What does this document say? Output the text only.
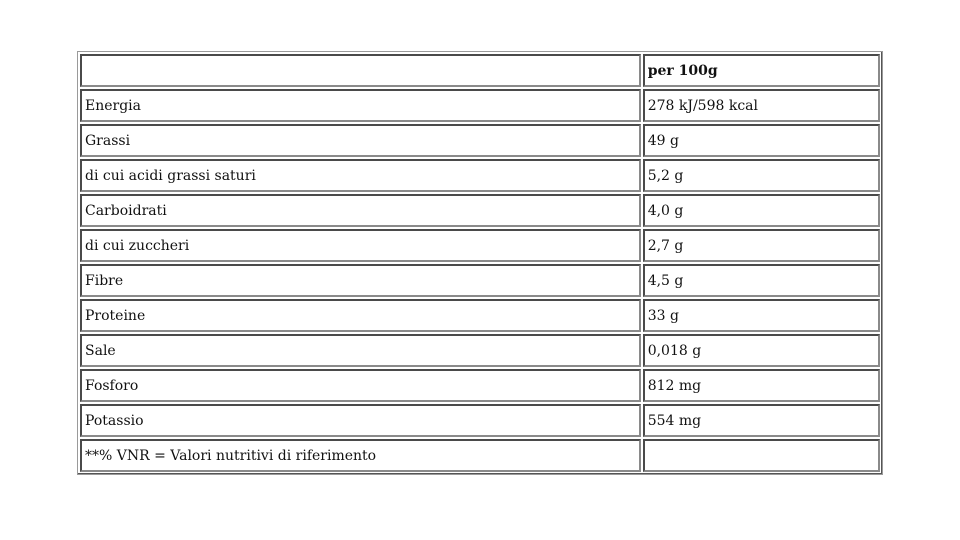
	per 100g
Energia	278 kJ/598 kcal
Grassi	49 g
di cui acidi grassi saturi	5,2 g
Carboidrati	4,0 g
di cui zuccheri	2,7 g
Fibre	4,5 g
Proteine	33 g
Sale	0,018 g
Fosforo	812 mg
Potassio	554 mg
**% VNR = Valori nutritivi di riferimento	
